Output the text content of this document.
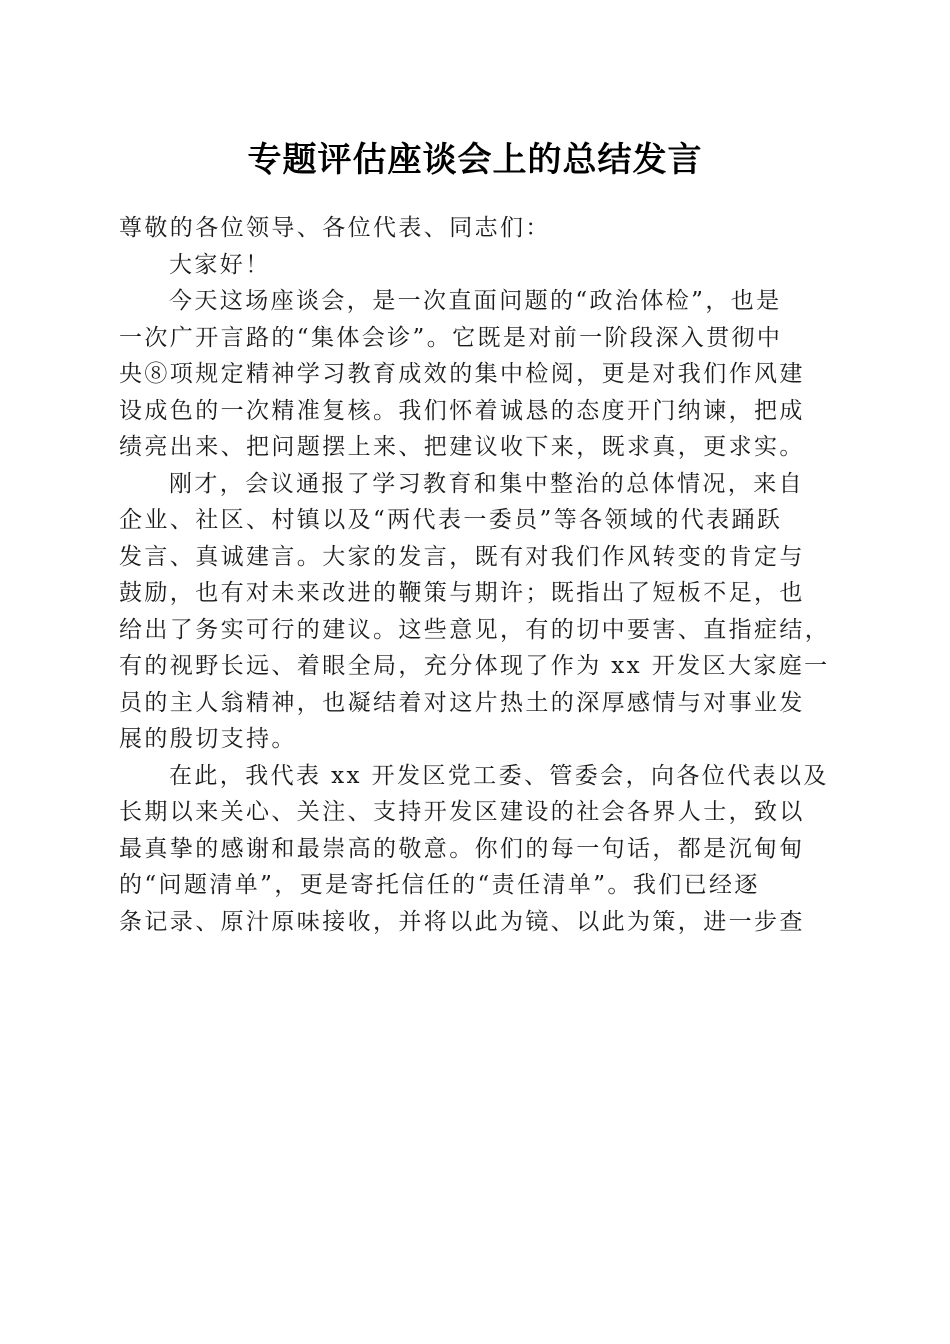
专题评估座谈会上的总结发言
尊敬的各位领导、各位代表、同志们：
大家好！
今天这场座谈会，是一次直面问题的“政治体检”，也是
一次广开言路的“集体会诊”。它既是对前一阶段深入贯彻中
央⑧项规定精神学习教育成效的集中检阅，更是对我们作风建
设成色的一次精准复核。我们怀着诚恳的态度开门纳谏，把成
绩亮出来、把问题摆上来、把建议收下来，既求真，更求实。
刚才，会议通报了学习教育和集中整治的总体情况，来自
企业、社区、村镇以及“两代表一委员”等各领域的代表踊跃
发言、真诚建言。大家的发言，既有对我们作风转变的肯定与
鼓励，也有对未来改进的鞭策与期许；既指出了短板不足，也
给出了务实可行的建议。这些意见，有的切中要害、直指症结，
有的视野长远、着眼全局，充分体现了作为 xx 开发区大家庭一
员的主人翁精神，也凝结着对这片热土的深厚感情与对事业发
展的殷切支持。
在此，我代表 xx 开发区党工委、管委会，向各位代表以及
长期以来关心、关注、支持开发区建设的社会各界人士，致以
最真挚的感谢和最崇高的敬意。你们的每一句话，都是沉甸甸
的“问题清单”，更是寄托信任的“责任清单”。我们已经逐
条记录、原汁原味接收，并将以此为镜、以此为策，进一步查
